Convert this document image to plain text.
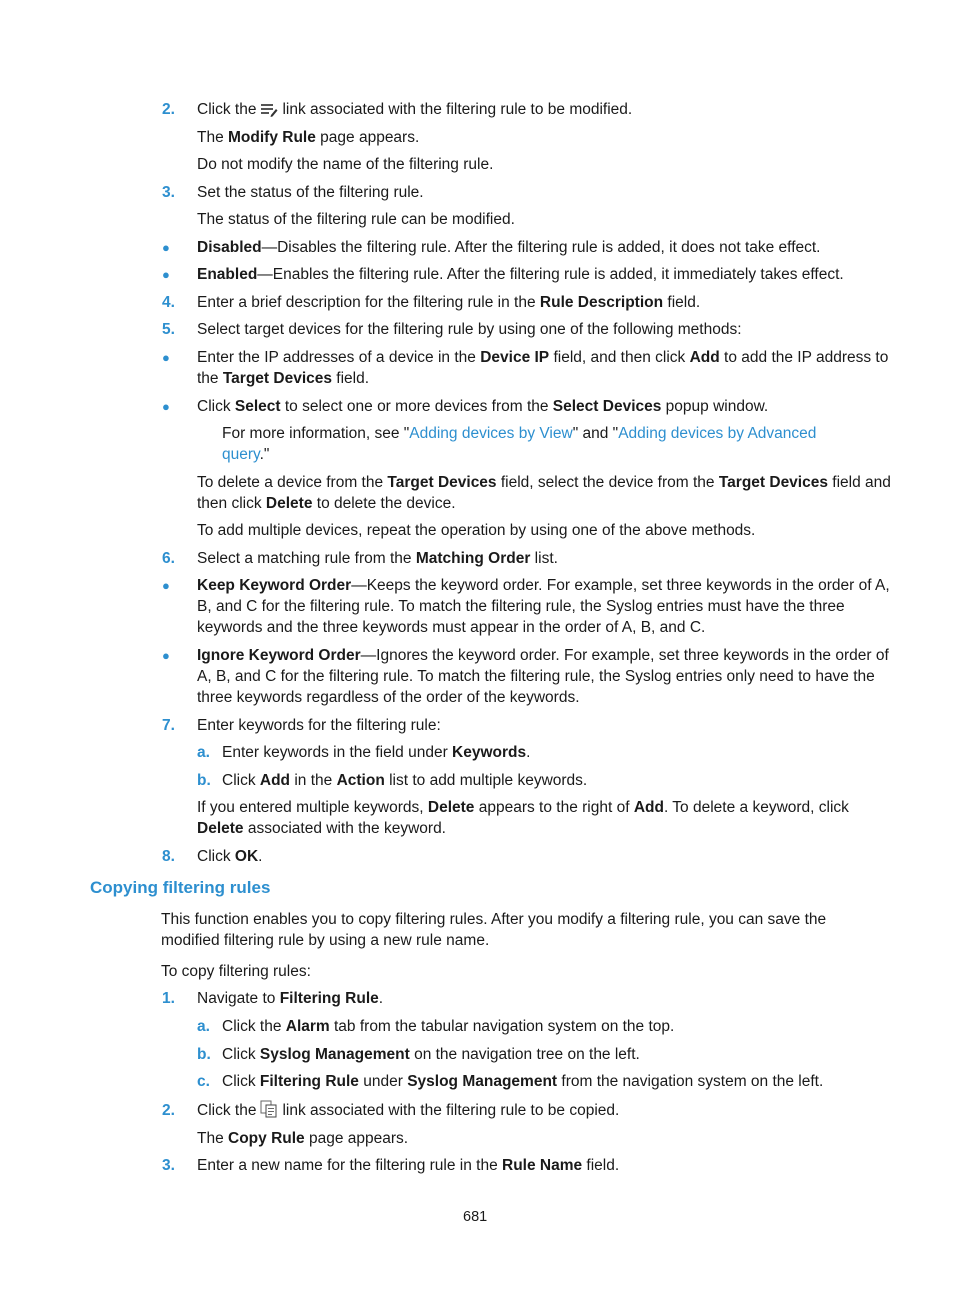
2. Click the link associated with the filtering rule to be modified.
The Modify Rule page appears.
Do not modify the name of the filtering rule.
3. Set the status of the filtering rule.
The status of the filtering rule can be modified.
● Disabled—Disables the filtering rule. After the filtering rule is added, it does not take effect.
● Enabled—Enables the filtering rule. After the filtering rule is added, it immediately takes effect.
4. Enter a brief description for the filtering rule in the Rule Description field.
5. Select target devices for the filtering rule by using one of the following methods:
● Enter the IP addresses of a device in the Device IP field, and then click Add to add the IP address to
the Target Devices field.
● Click Select to select one or more devices from the Select Devices popup window.
For more information, see "Adding devices by View" and "Adding devices by Advanced
query."
To delete a device from the Target Devices field, select the device from the Target Devices field and
then click Delete to delete the device.
To add multiple devices, repeat the operation by using one of the above methods.
6. Select a matching rule from the Matching Order list.
● Keep Keyword Order—Keeps the keyword order. For example, set three keywords in the order of A,
B, and C for the filtering rule. To match the filtering rule, the Syslog entries must have the three
keywords and the three keywords must appear in the order of A, B, and C.
● Ignore Keyword Order—Ignores the keyword order. For example, set three keywords in the order of
A, B, and C for the filtering rule. To match the filtering rule, the Syslog entries only need to have the
three keywords regardless of the order of the keywords.
7. Enter keywords for the filtering rule:
a. Enter keywords in the field under Keywords.
b. Click Add in the Action list to add multiple keywords.
If you entered multiple keywords, Delete appears to the right of Add. To delete a keyword, click
Delete associated with the keyword.
8. Click OK.
Copying filtering rules
This function enables you to copy filtering rules. After you modify a filtering rule, you can save the
modified filtering rule by using a new rule name.
To copy filtering rules:
1. Navigate to Filtering Rule.
a. Click the Alarm tab from the tabular navigation system on the top.
b. Click Syslog Management on the navigation tree on the left.
c. Click Filtering Rule under Syslog Management from the navigation system on the left.
2. Click the link associated with the filtering rule to be copied.
The Copy Rule page appears.
3. Enter a new name for the filtering rule in the Rule Name field.
681
